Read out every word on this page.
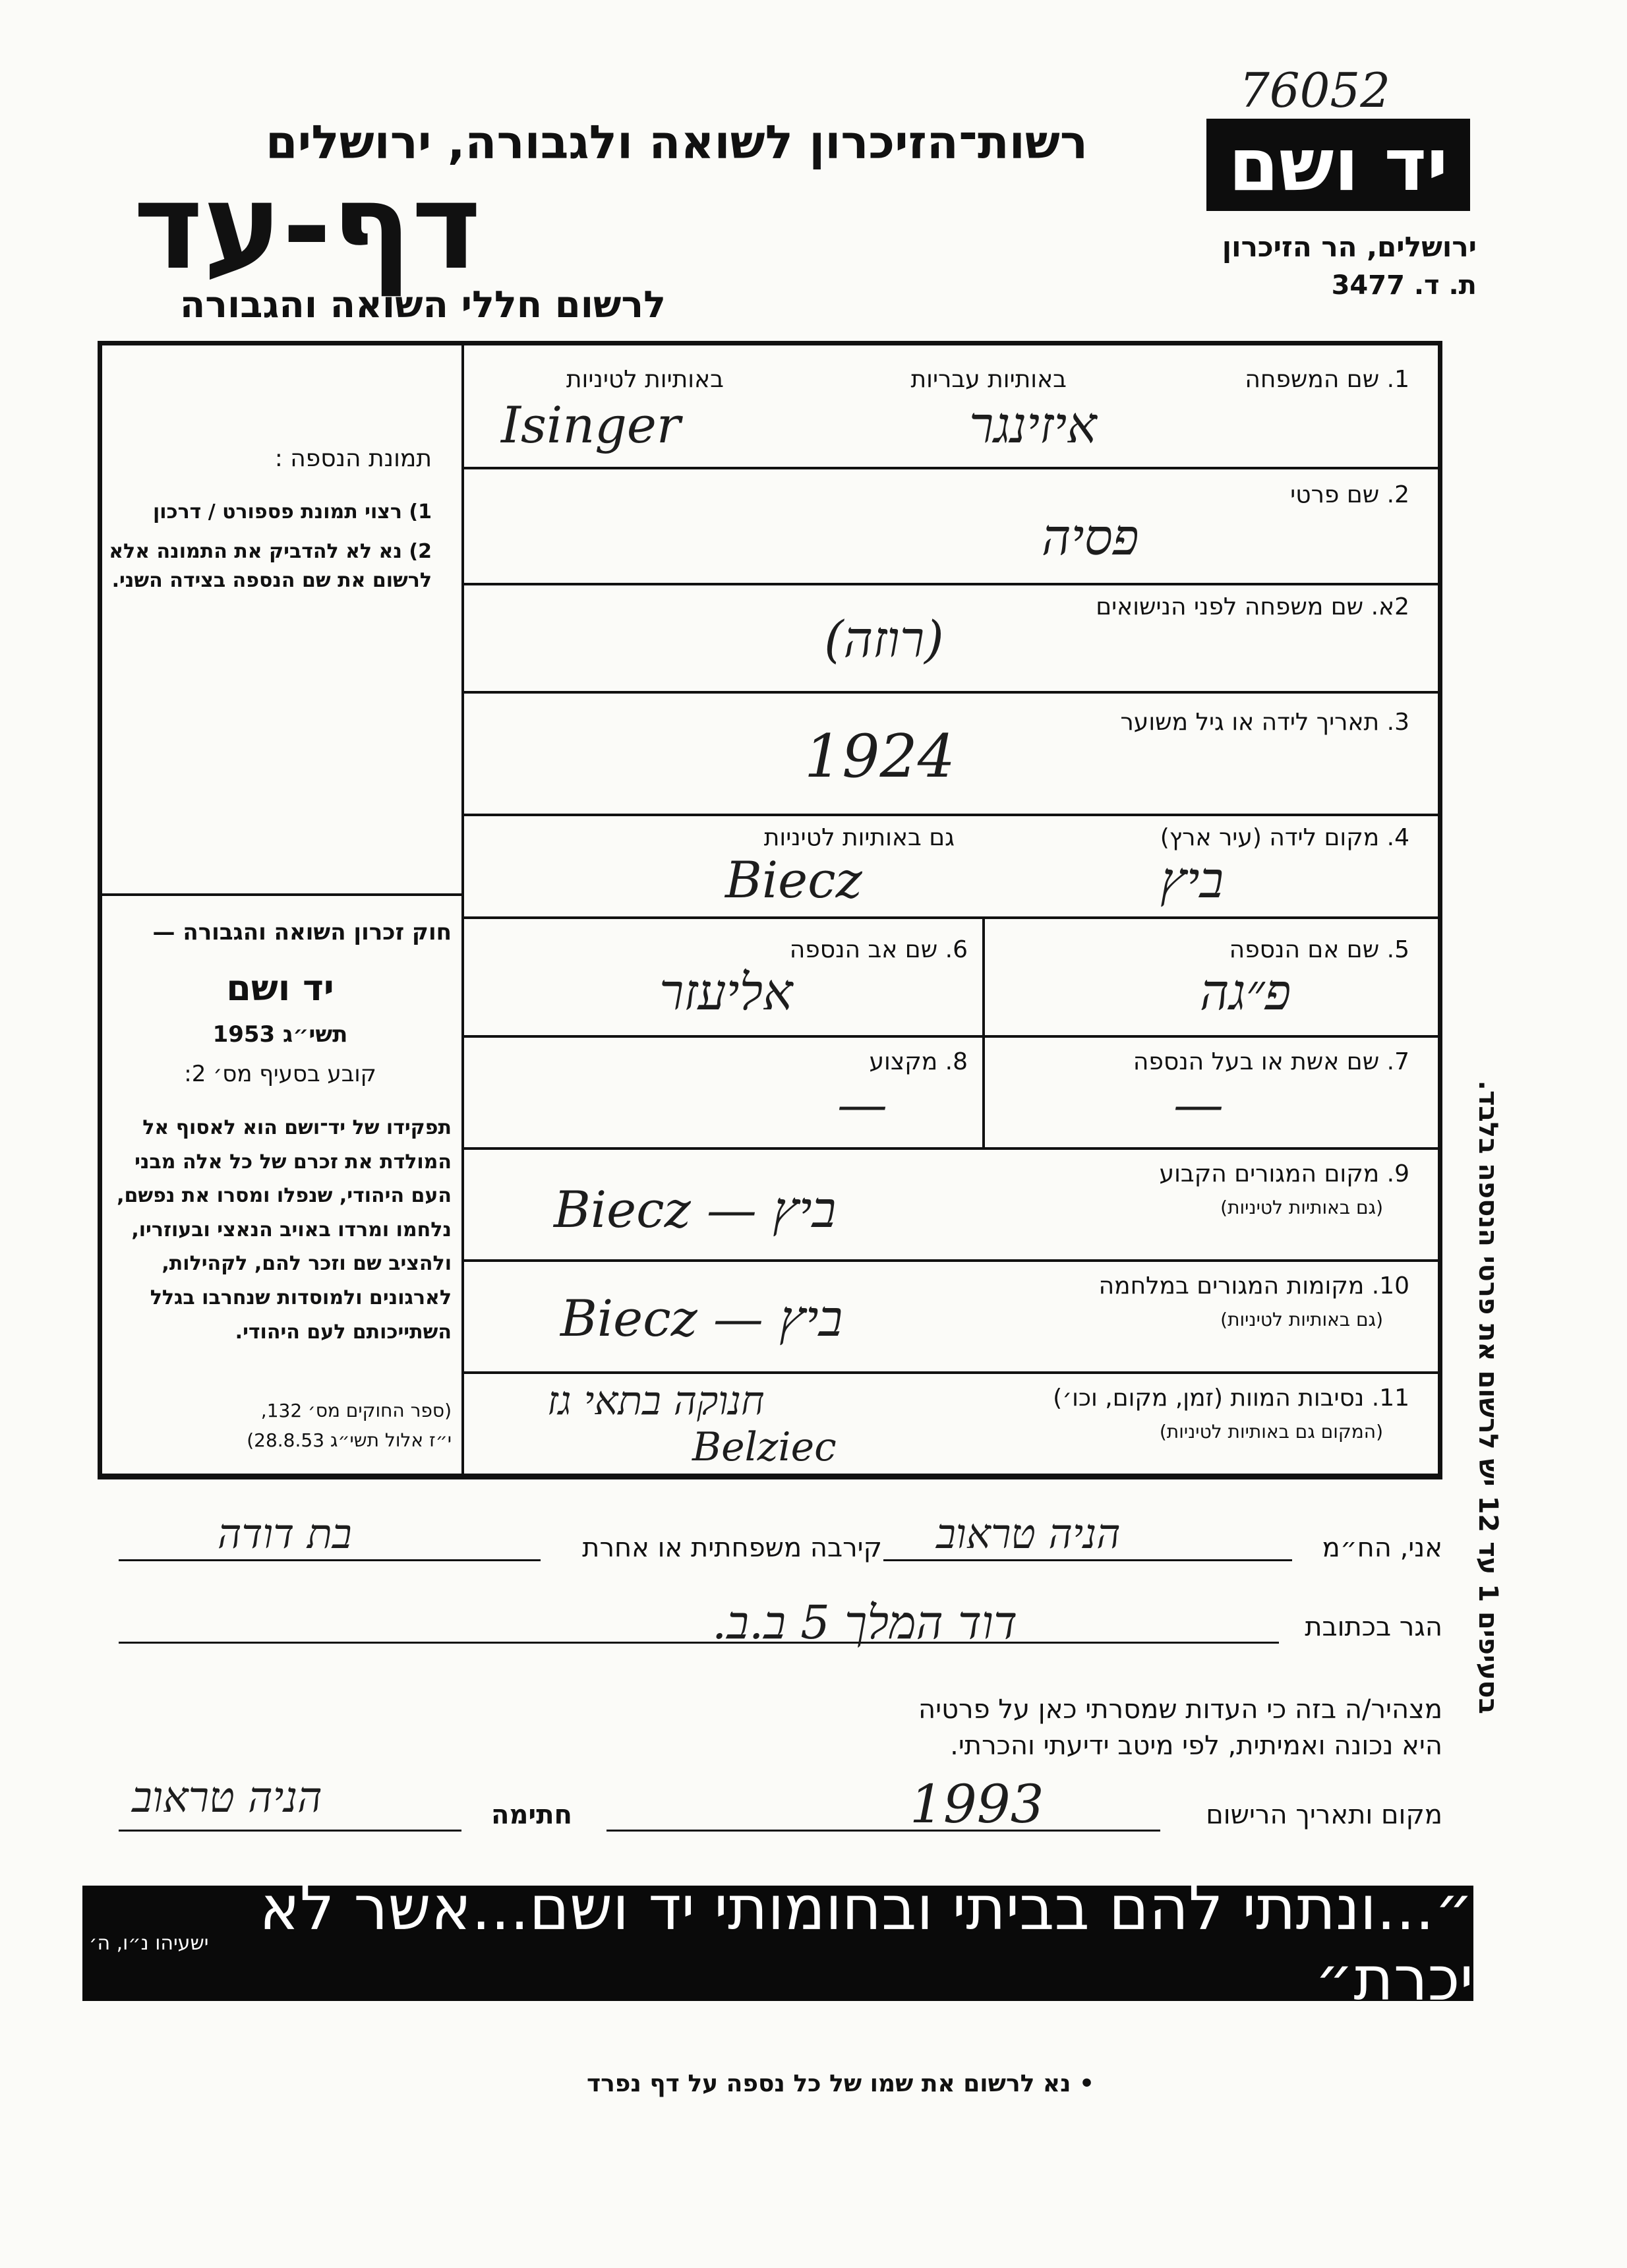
76052
יד ושם
ירושלים, הר הזיכרון
ת. ד. 3477
רשות־הזיכרון לשואה ולגבורה, ירושלים
דף-עד
לרשום חללי השואה והגבורה
תמונת הנספה :
1) רצוי תמונת פספורט / דרכון
2) נא לא להדביק את התמונה אלא לרשום את שם הנספה בצידה השני.
חוק זכרון השואה והגבורה —
יד ושם
תשי״ג 1953
קובע בסעיף מס׳ 2:
תפקידו של יד־ושם הוא לאסוף אל המולדת את זכרם של כל אלה מבני העם היהודי, שנפלו ומסרו את נפשם, נלחמו ומרדו באויב הנאצי ובעוזריו, ולהציב שם וזכר להם, לקהילות, לארגונים ולמוסדות שנחרבו בגלל השתייכותם לעם היהודי.
(ספר החוקים מס׳ 132,
י״ז אלול תשי״ג 28.8.53)
1. שם המשפחה
באותיות עבריות
באותיות לטיניות
איזינגר
Isinger
2. שם פרטי
פסיה
2א. שם משפחה לפני הנישואים
(רוזה)
3. תאריך לידה או גיל משוער
1924
4. מקום לידה (עיר ארץ)
גם באותיות לטיניות
ביץ
Biecz
5. שם אם הנספה
פ״גה
6. שם אב הנספה
אליעזר
7. שם אשת או בעל הנספה
—
8. מקצוע
—
9. מקום המגורים הקבוע
(גם באותיות לטיניות)
Biecz — ביץ
10. מקומות המגורים במלחמה
(גם באותיות לטיניות)
Biecz — ביץ
11. נסיבות המוות (זמן, מקום, וכו׳)
(המקום גם באותיות לטיניות)
חנוקה בתאי גז
Belziec	בסעיפים 1 עד 12 יש לרשום את פרטי הנספה בלבד.
אני, הח״מ
הניה טראוב
קירבה משפחתית או אחרת
בת דודה
הגר בכתובת
דוד המלך 5 ב.ב.
מצהיר/ה בזה כי העדות שמסרתי כאן על פרטיה
היא נכונה ואמיתית, לפי מיטב ידיעתי והכרתי.
מקום ותאריך הרישום
1993
חתימה
הניה טראוב
״...ונתתי להם בביתי ובחומותי יד ושם...אשר לא יכרת״
ישעיהו נ״ו, ה׳
• נא לרשום את שמו של כל נספה על דף נפרד
